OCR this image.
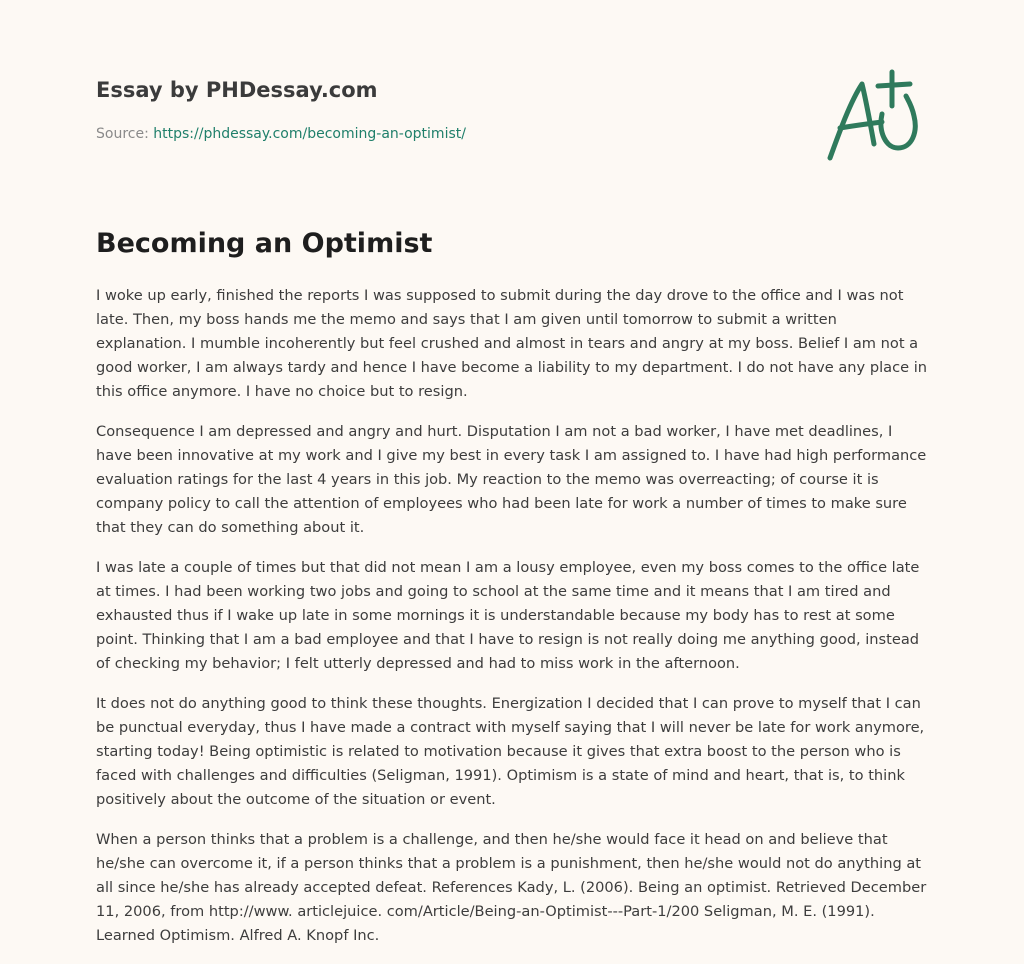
Essay by PHDessay.com
Source: https://phdessay.com/becoming-an-optimist/
Becoming an Optimist

I woke up early, finished the reports I was supposed to submit during the day drove to the office and I was not late. Then, my boss hands me the memo and says that I am given until tomorrow to submit a written explanation. I mumble incoherently but feel crushed and almost in tears and angry at my boss. Belief I am not a good worker, I am always tardy and hence I have become a liability to my department. I do not have any place in this office anymore. I have no choice but to resign.

Consequence I am depressed and angry and hurt. Disputation I am not a bad worker, I have met deadlines, I have been innovative at my work and I give my best in every task I am assigned to. I have had high performance evaluation ratings for the last 4 years in this job. My reaction to the memo was overreacting; of course it is company policy to call the attention of employees who had been late for work a number of times to make sure that they can do something about it.

I was late a couple of times but that did not mean I am a lousy employee, even my boss comes to the office late at times. I had been working two jobs and going to school at the same time and it means that I am tired and exhausted thus if I wake up late in some mornings it is understandable because my body has to rest at some point. Thinking that I am a bad employee and that I have to resign is not really doing me anything good, instead of checking my behavior; I felt utterly depressed and had to miss work in the afternoon.

It does not do anything good to think these thoughts. Energization I decided that I can prove to myself that I can be punctual everyday, thus I have made a contract with myself saying that I will never be late for work anymore, starting today! Being optimistic is related to motivation because it gives that extra boost to the person who is faced with challenges and difficulties (Seligman, 1991). Optimism is a state of mind and heart, that is, to think positively about the outcome of the situation or event.

When a person thinks that a problem is a challenge, and then he/she would face it head on and believe that he/she can overcome it, if a person thinks that a problem is a punishment, then he/she would not do anything at all since he/she has already accepted defeat. References Kady, L. (2006). Being an optimist. Retrieved December 11, 2006, from http://www. articlejuice. com/Article/Being-an-Optimist---Part-1/200 Seligman, M. E. (1991). Learned Optimism. Alfred A. Knopf Inc.
